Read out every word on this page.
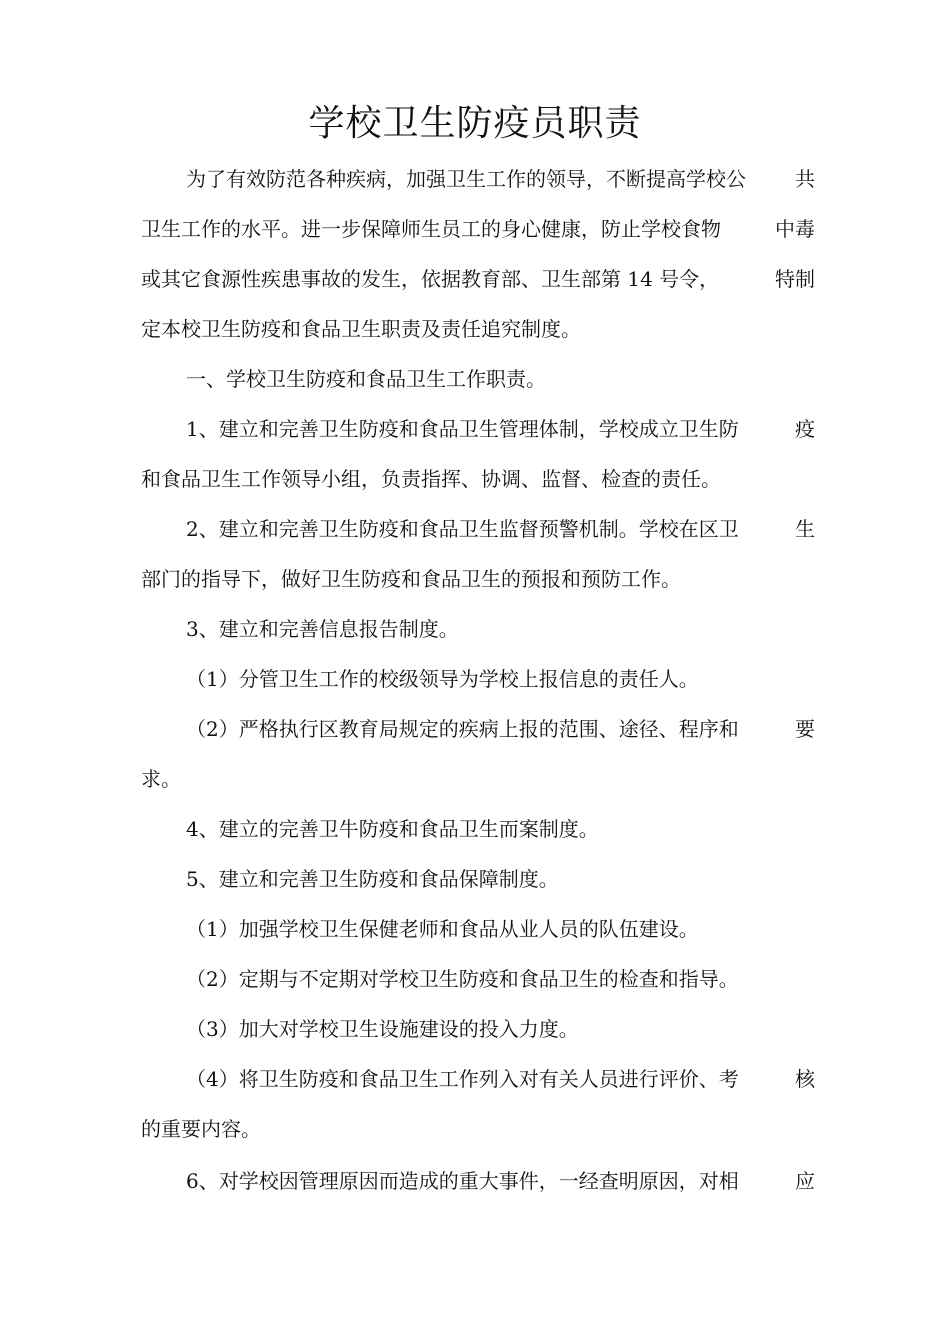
学校卫生防疫员职责
为了有效防范各种疾病，加强卫生工作的领导，不断提高学校公 共
卫生工作的水平。进一步保障师生员工的身心健康，防止学校食物	中毒
或其它食源性疾患事故的发生，依据教育部、卫生部第 14 号令，	特制
定本校卫生防疫和食品卫生职责及责任追究制度。
一、学校卫生防疫和食品卫生工作职责。
1、建立和完善卫生防疫和食品卫生管理体制，学校成立卫生防	疫
和食品卫生工作领导小组，负责指挥、协调、监督、检查的责任。
2、建立和完善卫生防疫和食品卫生监督预警机制。学校在区卫	生
部门的指导下，做好卫生防疫和食品卫生的预报和预防工作。
3、建立和完善信息报告制度。
（1）分管卫生工作的校级领导为学校上报信息的责任人。
（2）严格执行区教育局规定的疾病上报的范围、途径、程序和	要
求。
4、建立的完善卫牛防疫和食品卫生而案制度。
5、建立和完善卫生防疫和食品保障制度。
（1）加强学校卫生保健老师和食品从业人员的队伍建设。
（2）定期与不定期对学校卫生防疫和食品卫生的检查和指导。
（3）加大对学校卫生设施建设的投入力度。
（4）将卫生防疫和食品卫生工作列入对有关人员进行评价、考	核
的重要内容。
6、对学校因管理原因而造成的重大事件，一经查明原因，对相	应
